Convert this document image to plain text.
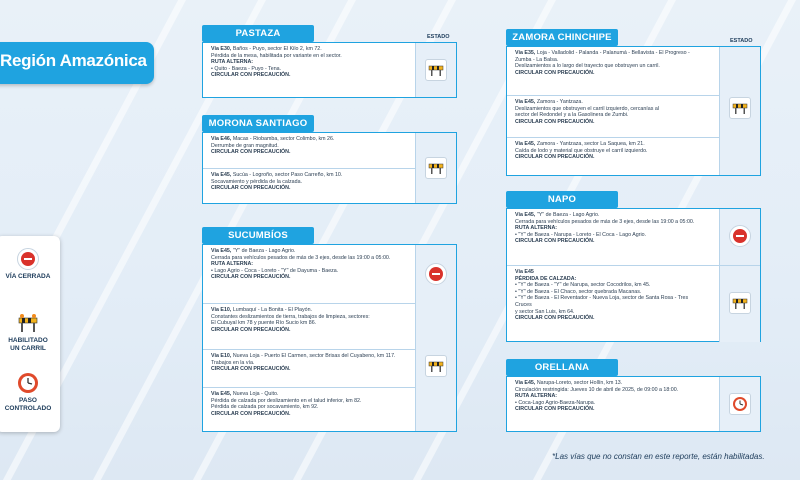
Región Amazónica
VÍA CERRADA
HABILITADO
UN CARRIL
PASO
CONTROLADO
ESTADO
ESTADO
PASTAZA
Vía E30, Baños - Puyo, sector El Kilo 2, km 72.
Pérdida de la mesa, habilitada por variante en el sector.
RUTA ALTERNA:
• Quito - Baeza - Puyo - Tena.
CIRCULAR CON PRECAUCIÓN.
MORONA SANTIAGO
Vía E46, Macas - Riobamba, sector Colimbo, km 26.
Derrumbe de gran magnitud.
CIRCULAR CON PRECAUCIÓN.
Vía E45, Sucúa - Logroño, sector Paso Carreño, km 10.
Socavamiento y pérdida de la calzada.
CIRCULAR CON PRECAUCIÓN.
SUCUMBÍOS
Vía E45, "Y" de Baeza - Lago Agrio.
Cerrada para vehículos pesados de más de 3 ejes, desde las 19:00 a 05:00.
RUTA ALTERNA:
• Lago Agrio - Coca - Loreto - "Y" de Dayuma - Baeza.
CIRCULAR CON PRECAUCIÓN.
Vía E10, Lumbaquí - La Bonita - El Playón.
Constantes deslizamientos de tierra, trabajos de limpieza, sectores:
El Cubuyal km 78 y puente Río Sucio km 86.
CIRCULAR CON PRECAUCIÓN.
Vía E10, Nueva Loja - Puerto El Carmen, sector Brisas del Cuyabeno, km 117.
Trabajos en la vía.
CIRCULAR CON PRECAUCIÓN.
Vía E45, Nueva Loja - Quito.
Pérdida de calzada por deslizamiento en el talud inferior, km 82.
Pérdida de calzada por socavamiento, km 92.
CIRCULAR CON PRECAUCIÓN.
ZAMORA CHINCHIPE
Vía E35, Loja - Valladolid - Palanda - Palanumá - Bellavista - El Progreso -
Zumba - La Balsa.
Deslizamientos a lo largo del trayecto que obstruyen un carril.
CIRCULAR CON PRECAUCIÓN.
Vía E45, Zamora - Yantzaza.
Deslizamientos que obstruyen el carril izquierdo, cercanías al
sector del Redondel y a la Gasolinera de Zumbi.
CIRCULAR CON PRECAUCIÓN.
Vía E45, Zamora - Yantzaza, sector La Saquea, km 21.
Caída de lodo y material que obstruye el carril izquierdo.
CIRCULAR CON PRECAUCIÓN.
NAPO
Vía E45, "Y" de Baeza - Lago Agrio.
Cerrada para vehículos pesados de más de 3 ejes, desde las 19:00 a 05:00.
RUTA ALTERNA:
• "Y" de Baeza - Narupa - Loreto - El Coca - Lago Agrio.
CIRCULAR CON PRECAUCIÓN.
Vía E45
PÉRDIDA DE CALZADA:
• "Y" de Baeza - "Y" de Narupa, sector Cocodrilos, km 45.
• "Y" de Baeza - El Chaco, sector quebrada Macanas.
• "Y" de Baeza - El Reventador - Nueva Loja, sector de Santa Rosa - Tres Cruces
y sector San Luis, km 64.
CIRCULAR CON PRECAUCIÓN.
ORELLANA
Vía E45, Narupa-Loreto, sector Hollín, km 13.
Circulación restringida: Jueves 10 de abril de 2025, de 09:00 a 18:00.
RUTA ALTERNA:
• Coca-Lago Agrio-Baeza-Narupa.
CIRCULAR CON PRECAUCIÓN.
*Las vías que no constan en este reporte, están habilitadas.
